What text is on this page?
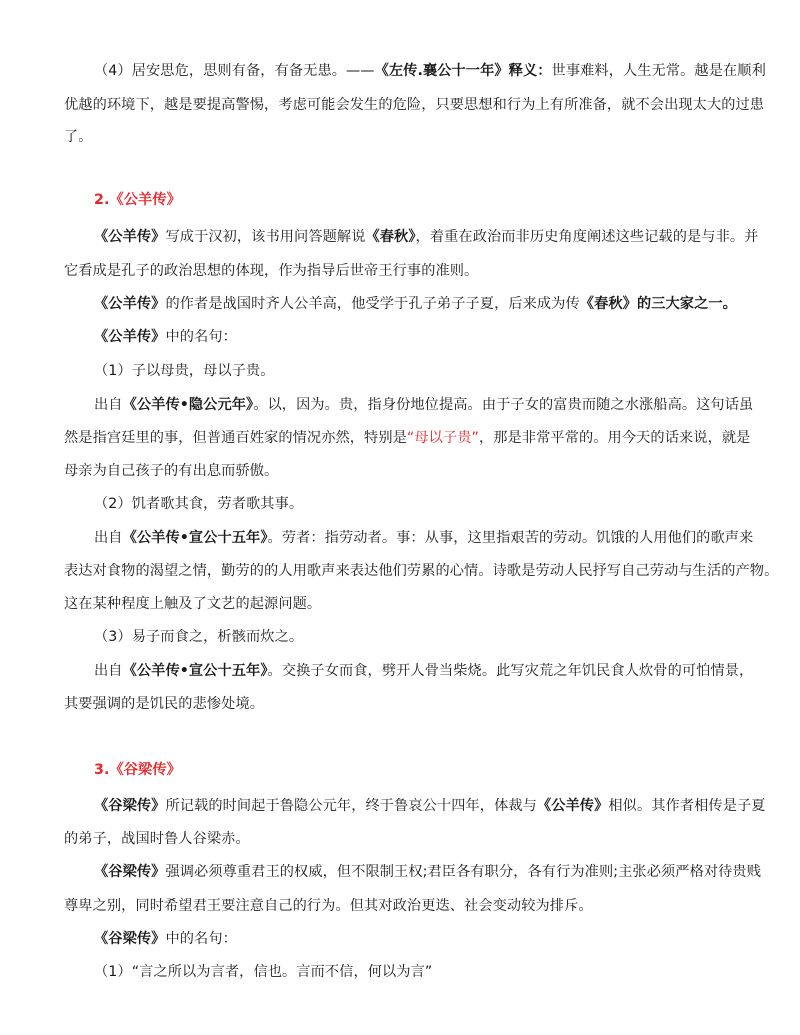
（4）居安思危，思则有备，有备无患。——《左传.襄公十一年》释义：世事难料，人生无常。越是在顺利
优越的环境下，越是要提高警惕，考虑可能会发生的危险，只要思想和行为上有所准备，就不会出现太大的过患
了。
2.《公羊传》
《公羊传》写成于汉初，该书用问答题解说《春秋》，着重在政治而非历史角度阐述这些记载的是与非。并
它看成是孔子的政治思想的体现，作为指导后世帝王行事的准则。
《公羊传》的作者是战国时齐人公羊高，他受学于孔子弟子子夏，后来成为传《春秋》的三大家之一。
《公羊传》中的名句：
（1）子以母贵，母以子贵。
出自《公羊传•隐公元年》。以，因为。贵，指身份地位提高。由于子女的富贵而随之水涨船高。这句话虽
然是指宫廷里的事，但普通百姓家的情况亦然，特别是“母以子贵”，那是非常平常的。用今天的话来说，就是
母亲为自己孩子的有出息而骄傲。
（2）饥者歌其食，劳者歌其事。
出自《公羊传•宣公十五年》。劳者：指劳动者。事：从事，这里指艰苦的劳动。饥饿的人用他们的歌声来
表达对食物的渴望之情，勤劳的的人用歌声来表达他们劳累的心情。诗歌是劳动人民抒写自己劳动与生活的产物。
这在某种程度上触及了文艺的起源问题。
（3）易子而食之，析骸而炊之。
出自《公羊传•宣公十五年》。交换子女而食，劈开人骨当柴烧。此写灾荒之年饥民食人炊骨的可怕情景，
其要强调的是饥民的悲惨处境。
3.《谷梁传》
《谷梁传》所记载的时间起于鲁隐公元年，终于鲁哀公十四年，体裁与《公羊传》相似。其作者相传是子夏
的弟子，战国时鲁人谷梁赤。
《谷梁传》强调必须尊重君王的权威，但不限制王权;君臣各有职分，各有行为准则;主张必须严格对待贵贱
尊卑之别，同时希望君王要注意自己的行为。但其对政治更迭、社会变动较为排斥。
《谷梁传》中的名句：
（1）“言之所以为言者，信也。言而不信，何以为言”
